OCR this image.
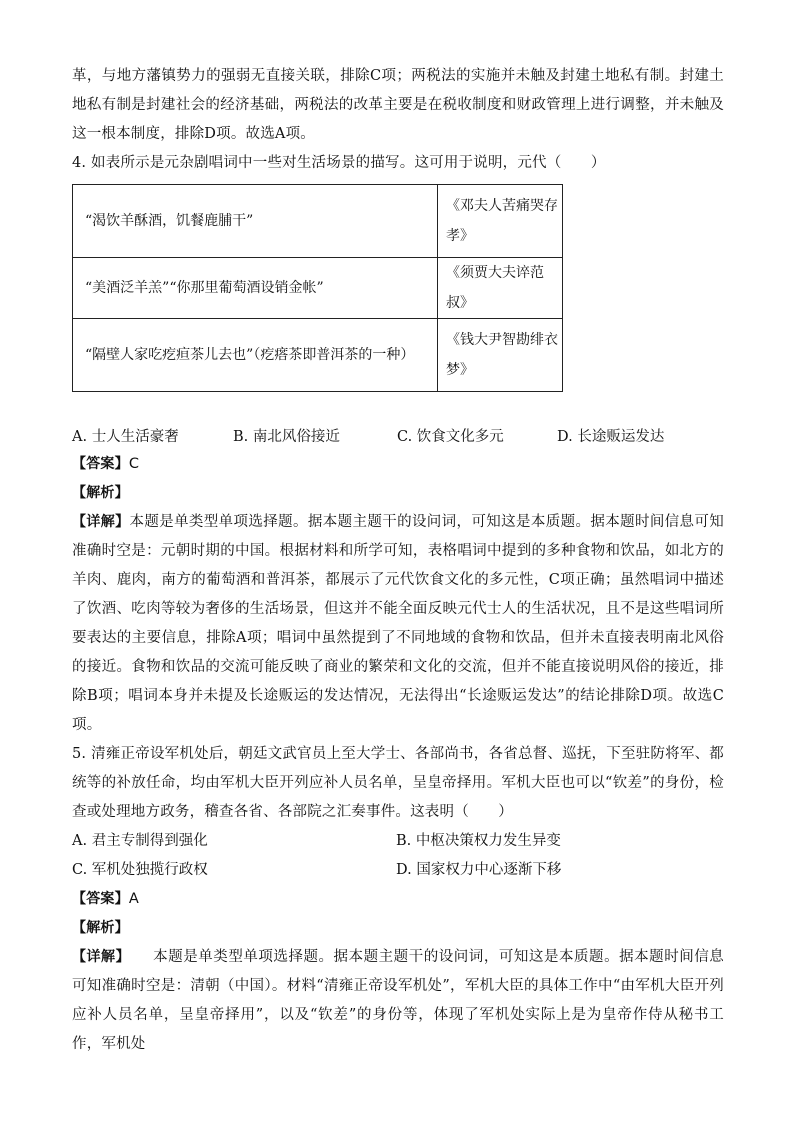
革，与地方藩镇势力的强弱无直接关联，排除C项；两税法的实施并未触及封建土地私有制。封建土地私有制是封建社会的经济基础，两税法的改革主要是在税收制度和财政管理上进行调整，并未触及这一根本制度，排除D项。故选A项。

4. 如表所示是元杂剧唱词中一些对生活场景的描写。这可用于说明，元代（　　）

“渴饮羊酥酒，饥餐鹿脯干”	《邓夫人苦痛哭存孝》
“美酒泛羊羔”“你那里葡萄酒设销金帐”	《须贾大夫谇范叔》
“隔壁人家吃疙疸茶儿去也”（疙瘩茶即普洱茶的一种）	《钱大尹智勘绯衣梦》
A. 士人生活豪奢	B. 南北风俗接近	C. 饮食文化多元	D. 长途贩运发达

【答案】C

【解析】

【详解】本题是单类型单项选择题。据本题主题干的设问词，可知这是本质题。据本题时间信息可知准确时空是：元朝时期的中国。根据材料和所学可知，表格唱词中提到的多种食物和饮品，如北方的羊肉、鹿肉，南方的葡萄酒和普洱茶，都展示了元代饮食文化的多元性，C项正确；虽然唱词中描述了饮酒、吃肉等较为奢侈的生活场景，但这并不能全面反映元代士人的生活状况，且不是这些唱词所要表达的主要信息，排除A项；唱词中虽然提到了不同地域的食物和饮品，但并未直接表明南北风俗的接近。食物和饮品的交流可能反映了商业的繁荣和文化的交流，但并不能直接说明风俗的接近，排除B项；唱词本身并未提及长途贩运的发达情况，无法得出“长途贩运发达”的结论排除D项。故选C项。

5. 清雍正帝设军机处后，朝廷文武官员上至大学士、各部尚书，各省总督、巡抚，下至驻防将军、都统等的补放任命，均由军机大臣开列应补人员名单，呈皇帝择用。军机大臣也可以“钦差”的身份，检查或处理地方政务，稽查各省、各部院之汇奏事件。这表明（　　）

A. 君主专制得到强化	B. 中枢决策权力发生异变
C. 军机处独揽行政权	D. 国家权力中心逐渐下移

【答案】A

【解析】

【详解】　　本题是单类型单项选择题。据本题主题干的设问词，可知这是本质题。据本题时间信息可知准确时空是：清朝（中国）。材料“清雍正帝设军机处”，军机大臣的具体工作中“由军机大臣开列应补人员名单，呈皇帝择用”，以及“钦差”的身份等，体现了军机处实际上是为皇帝作侍从秘书工作，军机处
